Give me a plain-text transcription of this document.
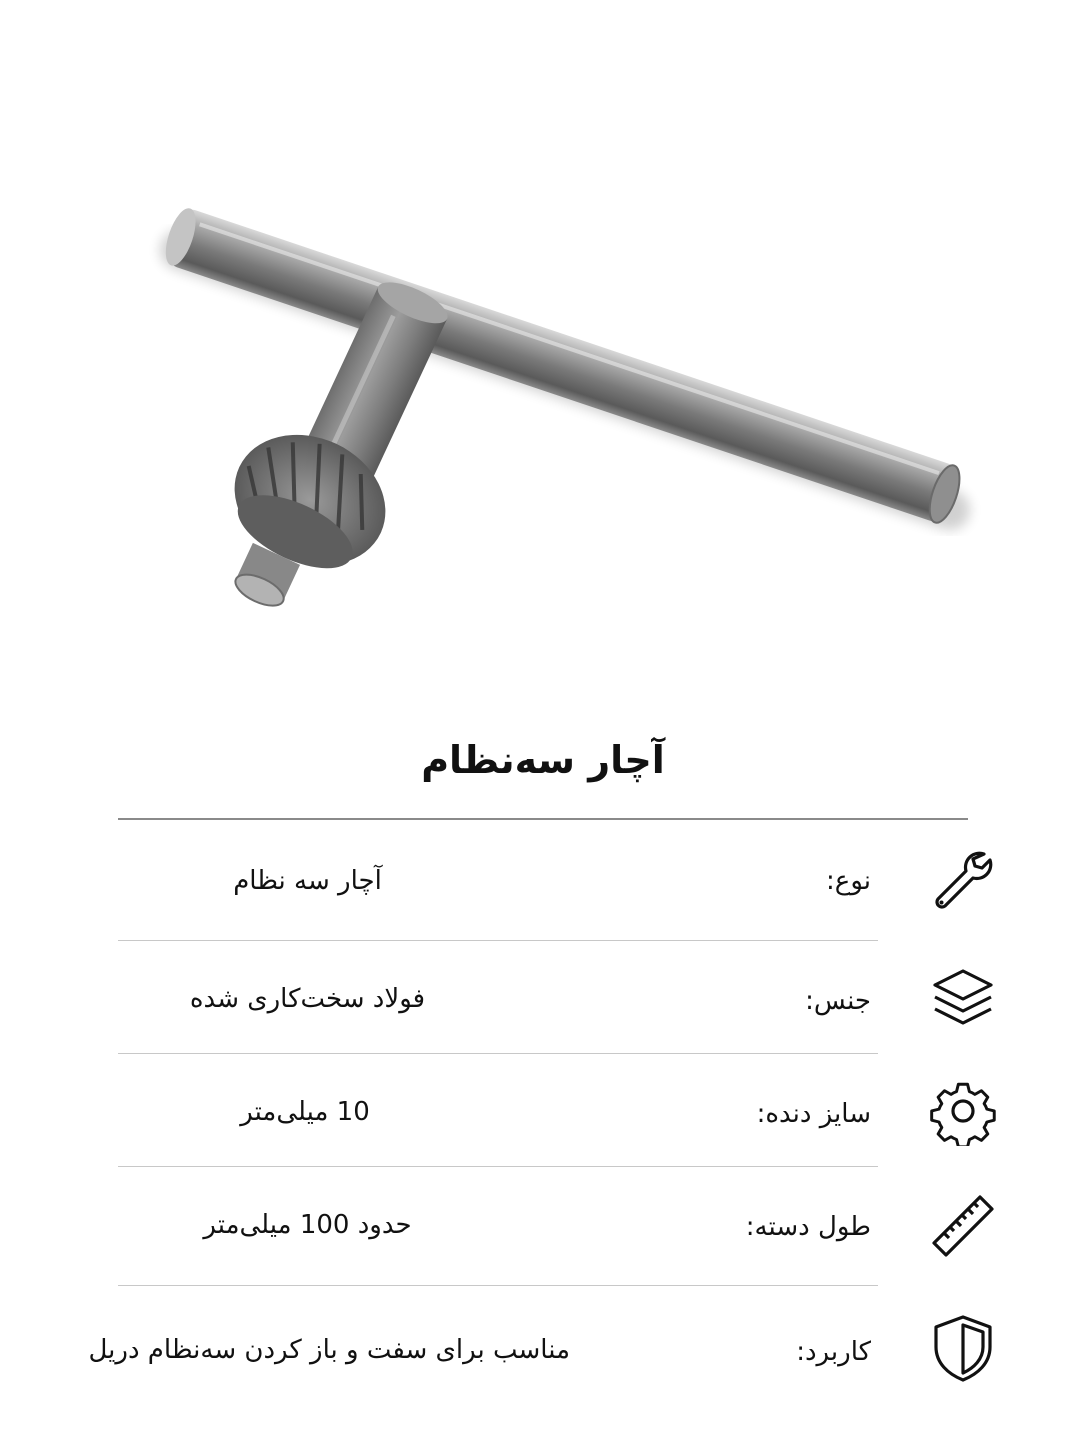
آچار سه‌نظام
نوع:
آچار سه نظام
جنس:
فولاد سخت‌کاری شده
سایز دنده:
10 میلی‌متر
طول دسته:
حدود 100 میلی‌متر
کاربرد:
مناسب برای سفت و باز کردن سه‌نظام دریل
